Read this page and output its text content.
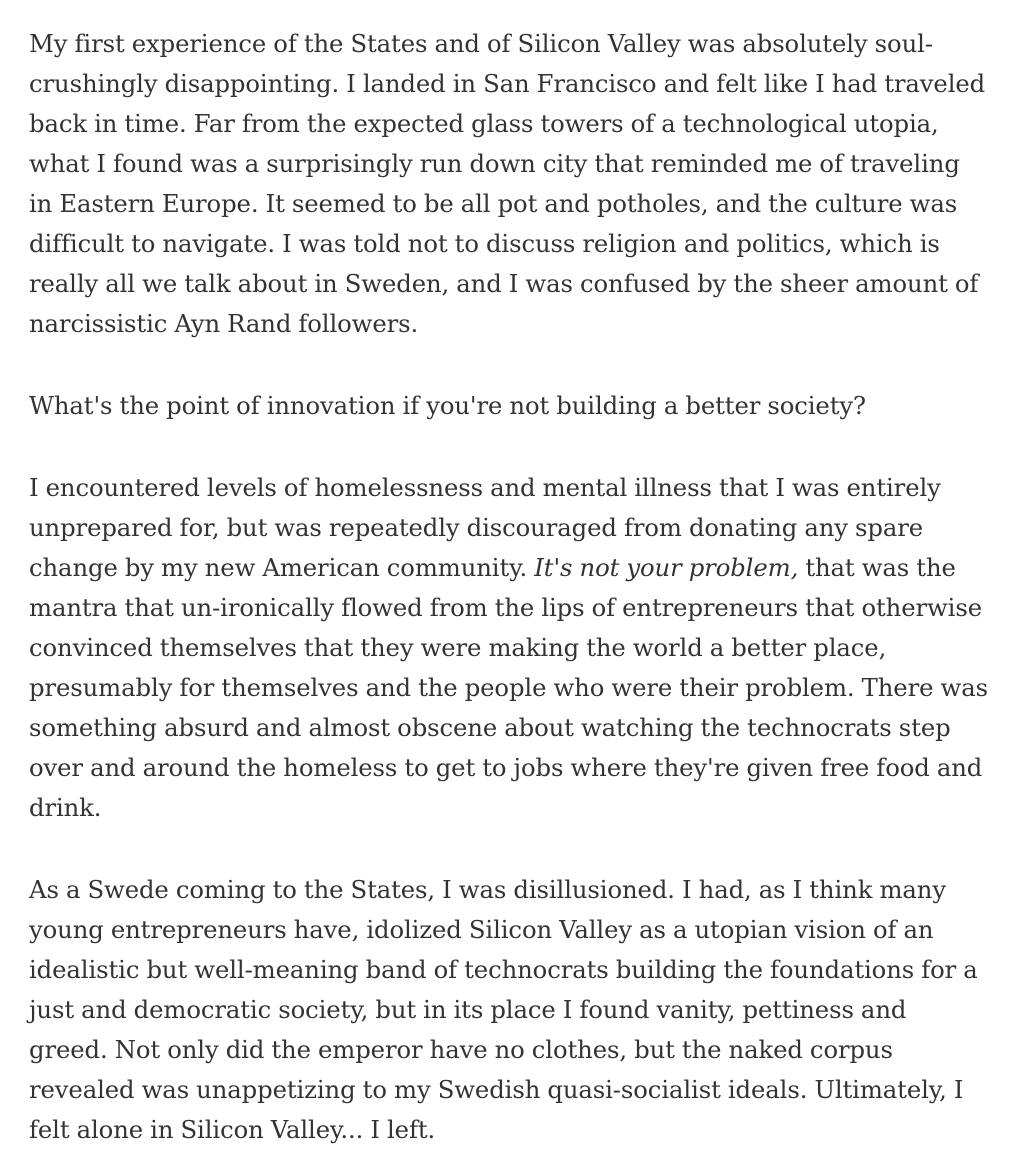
My first experience of the States and of Silicon Valley was absolutely soul-crushingly disappointing. I landed in San Francisco and felt like I had traveled back in time. Far from the expected glass towers of a technological utopia, what I found was a surprisingly run down city that reminded me of traveling in Eastern Europe. It seemed to be all pot and potholes, and the culture was difficult to navigate. I was told not to discuss religion and politics, which is really all we talk about in Sweden, and I was confused by the sheer amount of narcissistic Ayn Rand followers.

What's the point of innovation if you're not building a better society?

I encountered levels of homelessness and mental illness that I was entirely unprepared for, but was repeatedly discouraged from donating any spare change by my new American community. It's not your problem, that was the mantra that un-ironically flowed from the lips of entrepreneurs that otherwise convinced themselves that they were making the world a better place, presumably for themselves and the people who were their problem. There was something absurd and almost obscene about watching the technocrats step over and around the homeless to get to jobs where they're given free food and drink.

As a Swede coming to the States, I was disillusioned. I had, as I think many young entrepreneurs have, idolized Silicon Valley as a utopian vision of an idealistic but well-meaning band of technocrats building the foundations for a just and democratic society, but in its place I found vanity, pettiness and greed. Not only did the emperor have no clothes, but the naked corpus revealed was unappetizing to my Swedish quasi-socialist ideals. Ultimately, I felt alone in Silicon Valley... I left.
